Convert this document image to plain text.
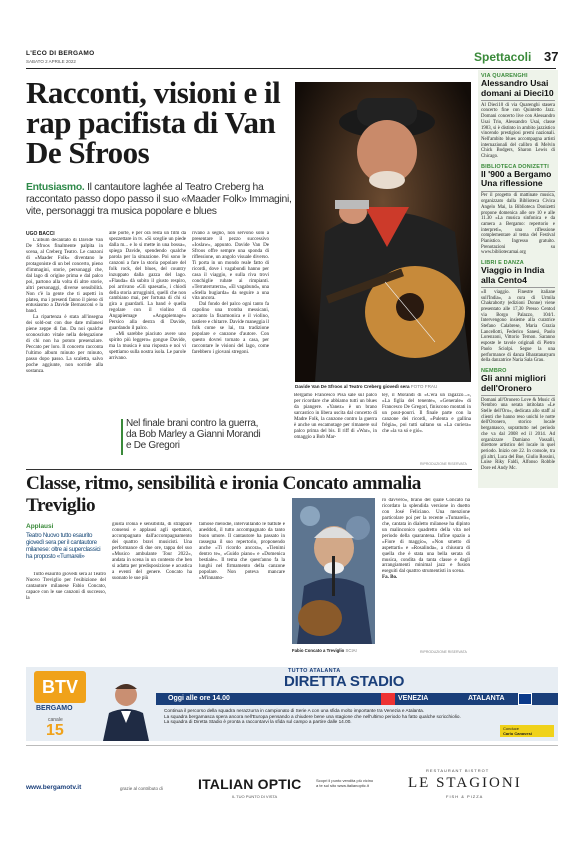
L'ECO DI BERGAMO
SABATO 2 APRILE 2022	Spettacoli 37
Racconti, visioni e il rap pacifista di Van De Sfroos
Entusiasmo. Il cantautore laghée al Teatro Creberg ha raccontato passo dopo passo il suo «Maader Folk» Immagini, vite, personaggi tra musica popolare e blues
UGO BACCI

L'album decantato di Davide Van De Sfroos finalmente palpita in scena, al Creberg Teatro. Le canzoni di «Maader Folk» diventano le protagoniste di un bel concerto, pieno d'immagini, storie, personaggi che, dal lago di origine prima e dal palco poi, partono alla volta di altre storie, altri personaggi, diverse sensibilità. Non c'è la gente che ti aspetti in platea, ma i presenti fanno il pieno di entusiasmo a Davide Bernasconi e la band.

La ripartenza è stata all'insegna dei sold-out con due date milanesi piene zeppe di fan. Da noi qualche sconosciuto vitale nella delegazione di chi non ha potuto presenziare. Peccato per loro. Il concerto racconta l'ultimo album minuto per minuto, passo dopo passo. La scaletta, salvo poche aggiunte, non sorride alla sostanza.

alle porte, e per ora resta un film da spezzettare in tv. «Si sceglie un piede dalla m... e lo si mette in una bossa», spiega Davide, spendendo qualche parola per la situazione. Poi sono le canzoni a fare la storia popolare del folk rock, del blues, del country inzuppato dalla gazza del lago. «Flauda» dà subito il giusto respiro, poi arrivano «Gli spaesati», i chiodi della storia arrugginiti, quelli che non cambiano mai, per fortuna di chi si gira a guardarli. La band è quella regolare con il violino di Angapiemage «Angapiemage» Persico alla destra di Davide, guardando il palco.

«Mi sarebbe piaciuto avere uno spirito più leggero» gongue Davide, ma la musica è una risposta e noi vi spettiamo sulla nostra isola. Le parole arrivano.

rivano a segno, non servono solo a presentare il pezzo successivo «Ioslaw», appunto. Davide Van De Sfroos offre sempre una sponda di riflessione, un angolo visuale diverso. Ti porta in un mondo reale fatto di ricordi, dove i vagabondi hanno per casa il viaggio, e sulla riva trovi conchiglie rubate ai rimpianti. «Terraterraterra», «El vagabund», una «Stella bugiarda» da seguire a una vita ancora.

Dal fondo del palco ogni tanto fa capolino una tromba messicani, accanto la fisarmonica e il violino, tastiere e chitarre. Davide maneggia il folk come se lai, tra tradizione popolare e canzone d'autore. Con questo dovrei tornato a casa, per raccontare le visioni del lago, come farebbero i giovani stregoni.

Davide Van De Sfroos al Teatro Creberg giovedì sera FOTO FRAU
Nel finale brani contro la guerra, da Bob Marley a Gianni Morandi e De Gregori
Bergamo Francesco Pisa sale sul palco per ricordare che abbiamo tutti un blues da piangere. «Yanez» è un brano sarcastico in libera uscita dal concetto di Madre Folk, la canzone contro la guerra è anche un escamotage per rimanere sul palco prima del bis. Il riff di «War», in omaggio a Bob Mar-
ley, il Morandi di «C'era un ragazzo...», «La figlia del tenente», «Generale» di Francesco De Gregori, finiscono montati in un pout-pourri. Il finale parte con la canzone dei ricordi, «Pulenta e gallina frègia», poi tutti saltano su «La curiera» che «la va só e gió».
RIPRODUZIONE RISERVATA
VIA QUARENGHI
Alessandro Usai domani ai Dieci10
Al Dieci10 di via Quarenghi stasera concerto fine con Quintetto Jazz. Domani concerto live con Alessandro Usai Trio, Alessandro Usai, classe 1983, si è distinto in ambito jazzistico vincendo prestigiosi premi nazionali. Nell'ambito blues accompagna artisti internazionali del calibro di Melvin Chick Bodgers, Sharon Lewis di Chicago.
BIBLIOTECA DONIZETTI
Il '900 a Bergamo Una riflessione
Per il progetto di mattinate musica, organizzato dalla Biblioteca Civica Angelo Mai, la Biblioteca Donizetti propone domenica alle ore 10 e alle 11.30 «La musica sinfonica e da camera a Bergamo: repertorio e interpreti», una riflessione complementare al tema del Festival Pianistico. Ingresso gratuito. Prenotazioni su www.bibliotecamai.org
LIBRI E DANZA
Viaggio in India alla Cento4
«Il viaggio. Finestre italiane sull'India», a cura di Urmila Chakraborty (edizioni Donne) viene presentato alle 17,30 Presso Cento4 via Borgo Palazzo, 104/1. Intervengono insieme alla curatrice Stefano Calabrese, Maria Grazia Lancellotti, Federico Sanesi, Paolo Lorenzoni, Vittorio Ternon. Saranno esposte le tavole originali di Pietro Paolo Sciolpi. Segue la una performance di danza Bharatanatyam della danzatrice Naria Sala Grau.
NEMBRO
Gli anni migliori dell'Oronero
Domani all'Oronero Love & Music di Nembro una serata intitolata «Le Stelle dell'Oro», dedicata allo staff ai clienti che hanno reso unichi le notte dell'Oronero, storico locale bergamasco, soprattutto nel periodo che va dal 2008 ed il 2014. Ad organizzare Damiano Vassalli, direttore artistico del locale in quel periodo. Inizio ore 22. In console, tra gli altri, Luca del Bue, Giulio Rossini, Luise Riky Faldi, Alfonso Robble Dore ed Andy Mc.
Classe, ritmo, sensibilità e ironia Concato ammalia Treviglio
Applausi
Teatro Nuovo tutto esaurito giovedì sera per il cantautore milanese: oltre ai superclassici ha proposto «Tumareli»
Tutto esaurito giovedì sera al Teatro Nuovo Treviglio per l'esibizione del cantautore milanese Fabio Concato, capace con le sue canzoni di successo, la
giusta ironia e sensibilità, di strappare consensi e applausi agli spettatori, accompagnato dall'accompagnamento dei quattro bravi musicisti. Una performance di due ore, tappa del suo «Musico ambulante Tour 2022», andata in scena in un contesto che ben si adatta per predisposizione e acustica a eventi del genere. Concato ha suonato le sue più
famose melodie, intervallando le battute e aneddoti, il tutto accompagnato da tanto buon umore. Il cantautore ha passato in rassegna il suo repertorio, proponendo anche «Ti ricordo ancora», «Tienimi dentro te», «Guido piano» e «Domenica bestiale». Il tema che quest'anno fa la lunghi nel firmamento della canzone popolare. Non poteva mancare «M'innamo-
Fabio Concato a Treviglio SCIAI
ro davvero», brano del quale Concato ha ricordato la splendida versione in duetto con José Feliciano. Una menzione particolare poi per la recente «Tumareli», che, cantata in dialetto milanese ha dipinto un malinconico quadretto della vita nel periodo della quarantena. Infine spazio a «Fiore di maggio», «Non smetto di aspettarti» e «Rosalinda», a chiusura di quella che è stata una bella serata di musica, condita da tanta classe e dagli arrangiamenti minimal jazz e fusion eseguiti dal quattro strumentisti in scena.
Fa. Bo.
RIPRODUZIONE RISERVATA
BTV
BERGAMO
canale
15
TUTTO ATALANTA
DIRETTA STADIO
Oggi alle ore 14.00	VENEZIA	ATALANTA
Continua il percorso della squadra nerazzurra in campionato di Serie A con una sfida molto importante tra Venezia e Atalanta.
La squadra bergamasca spera ancora nell'Europa pensando a chiudere bene una stagione che nell'ultimo periodo ha fatto qualche scricchiolio.
La squadra di Diretta Stadio è pronta a raccontarvi la sfida sul campo a partire dalle 14.00.
Conduce
Carlo Canavesi
www.bergamotv.it	grazie al contributo di	ITALIAN OPTIC
IL TUO PUNTO DI VISTA
Scopri il punto vendita più vicino a te sul sito www.italianoptic.it
RESTAURANT BISTROT
LE STAGIONI
FISH & PIZZA
